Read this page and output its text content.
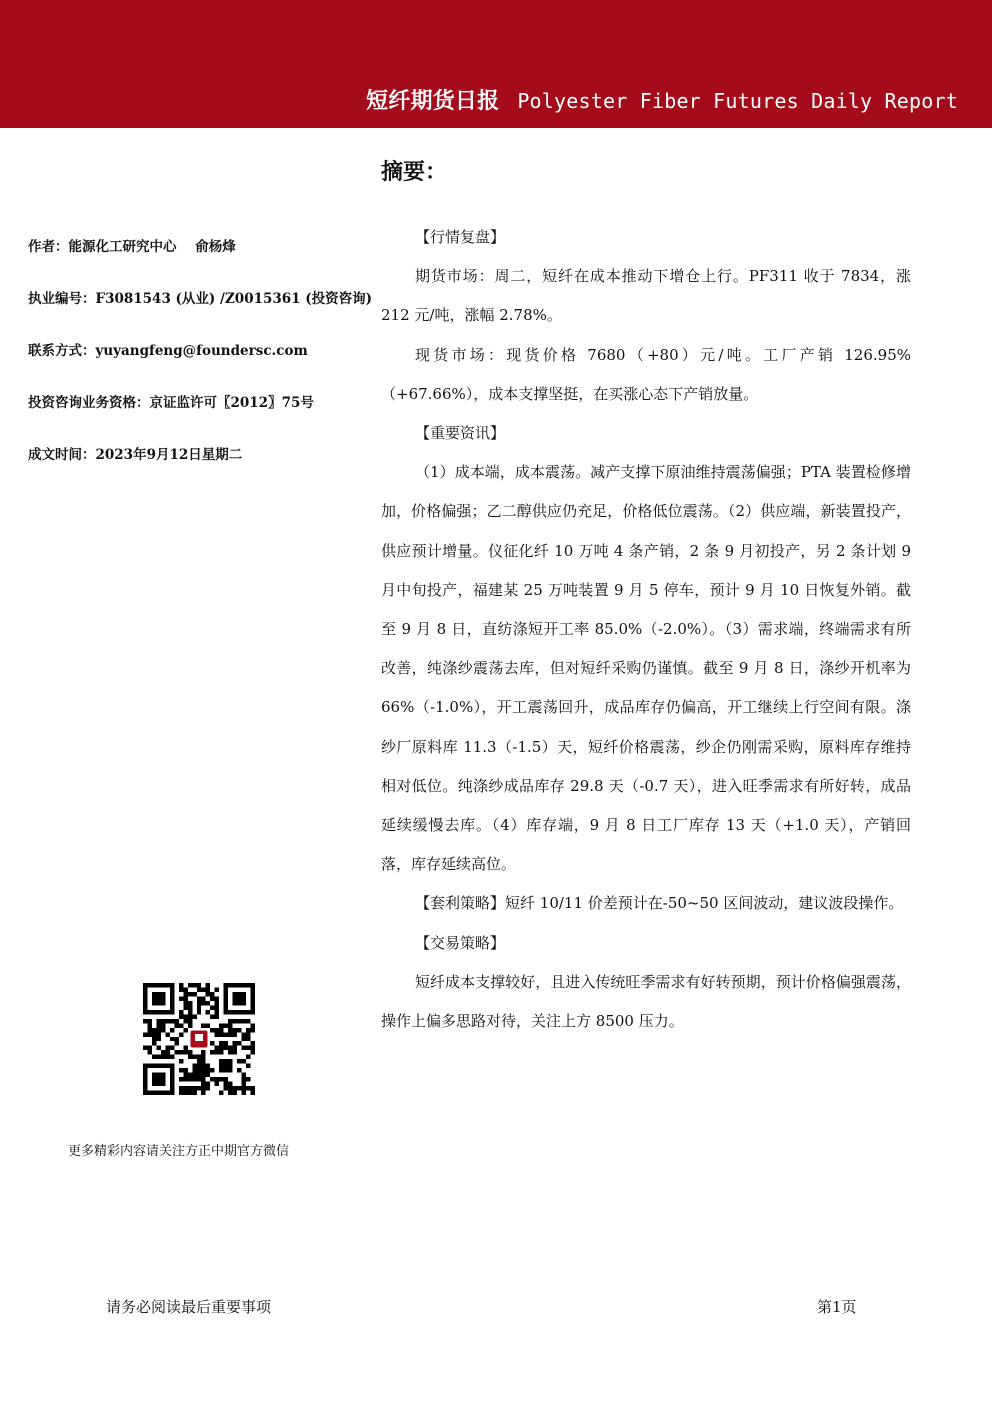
短纤期货日报 Polyester Fiber Futures Daily Report
摘要：
作者：能源化工研究中心    俞杨烽
执业编号：F3081543 (从业) /Z0015361 (投资咨询)
联系方式：yuyangfeng@foundersc.com
投资咨询业务资格：京证监许可〖2012〗75号
成文时间：2023年9月12日星期二

【行情复盘】

期货市场：周二，短纤在成本推动下增仓上行。PF311 收于 7834，涨 212 元/吨，涨幅 2.78%。

现货市场：现货价格 7680（+80）元/吨。工厂产销 126.95%（+67.66%），成本支撑坚挺，在买涨心态下产销放量。

【重要资讯】

（1）成本端，成本震荡。减产支撑下原油维持震荡偏强；PTA 装置检修增加，价格偏强；乙二醇供应仍充足，价格低位震荡。（2）供应端，新装置投产，供应预计增量。仪征化纤 10 万吨 4 条产销，2 条 9 月初投产，另 2 条计划 9 月中旬投产，福建某 25 万吨装置 9 月 5 停车，预计 9 月 10 日恢复外销。截至 9 月 8 日，直纺涤短开工率 85.0%（-2.0%）。（3）需求端，终端需求有所改善，纯涤纱震荡去库，但对短纤采购仍谨慎。截至 9 月 8 日，涤纱开机率为 66%（-1.0%），开工震荡回升，成品库存仍偏高，开工继续上行空间有限。涤纱厂原料库 11.3（-1.5）天，短纤价格震荡，纱企仍刚需采购，原料库存维持相对低位。纯涤纱成品库存 29.8 天（-0.7 天），进入旺季需求有所好转，成品延续缓慢去库。（4）库存端，9 月 8 日工厂库存 13 天（+1.0 天），产销回落，库存延续高位。

【套利策略】短纤 10/11 价差预计在-50~50 区间波动，建议波段操作。

【交易策略】

短纤成本支撑较好，且进入传统旺季需求有好转预期，预计价格偏强震荡，操作上偏多思路对待，关注上方 8500 压力。

更多精彩内容请关注方正中期官方微信
请务必阅读最后重要事项	第1页
